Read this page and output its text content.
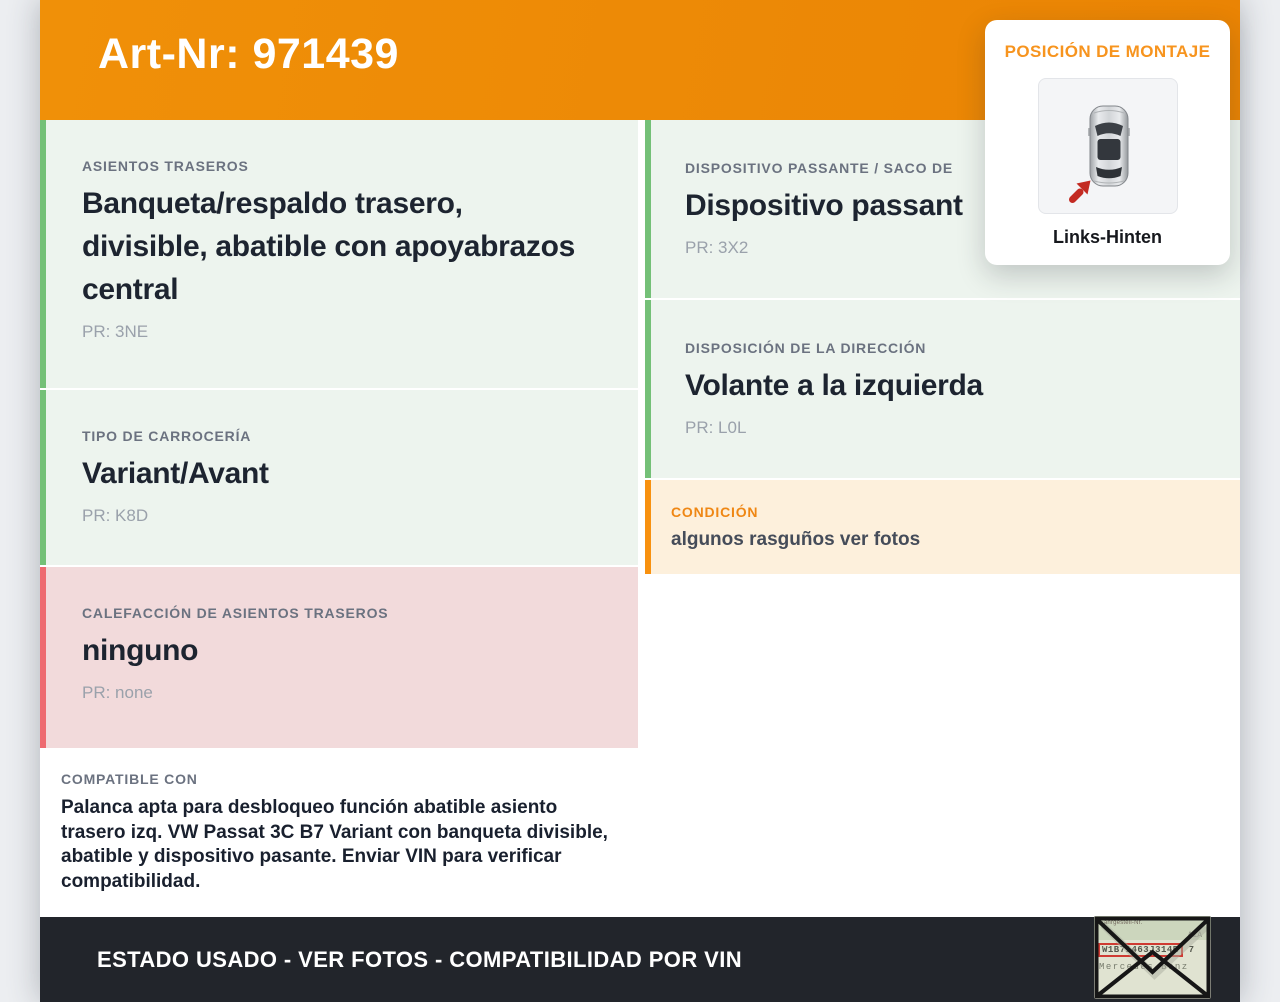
Art-Nr: 971439
ASIENTOS TRASEROS
Banqueta/respaldo trasero, divisible, abatible con apoyabrazos central
PR: 3NE
TIPO DE CARROCERÍA
Variant/Avant
PR: K8D
CALEFACCIÓN DE ASIENTOS TRASEROS
ninguno
PR: none
COMPATIBLE CON
Palanca apta para desbloqueo función abatible asiento trasero izq. VW Passat 3C B7 Variant con banqueta divisible, abatible y dispositivo pasante. Enviar VIN para verificar compatibilidad.
DISPOSITIVO PASSANTE / SACO DE
Dispositivo passant
PR: 3X2
DISPOSICIÓN DE LA DIRECCIÓN
Volante a la izquierda
PR: L0L
CONDICIÓN
algunos rasguños ver fotos
ESTADO USADO - VER FOTOS - COMPATIBILIDAD POR VIN
POSICIÓN DE MONTAJE
Links-Hinten
Fahrgestell-Nr.
AiA
W1B71463J314R 7
Mercedes-Benz
